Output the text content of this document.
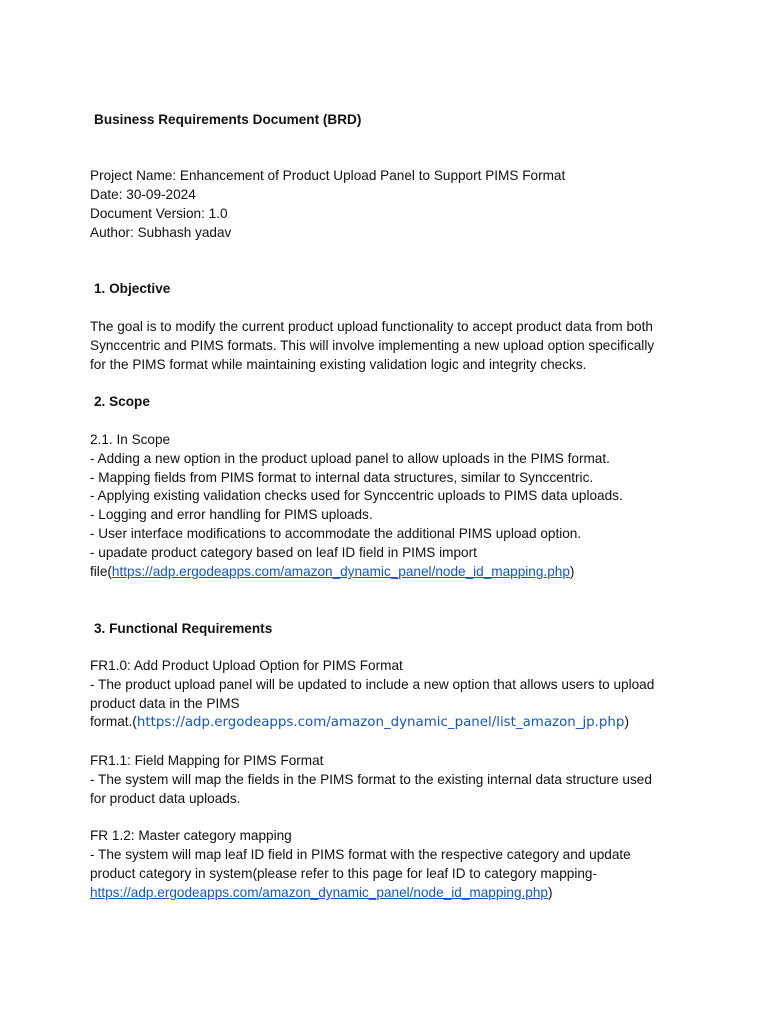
Business Requirements Document (BRD)

Project Name: Enhancement of Product Upload Panel to Support PIMS Format

Date: 30-09-2024

Document Version: 1.0

Author: Subhash yadav

1. Objective

The goal is to modify the current product upload functionality to accept product data from both

Synccentric and PIMS formats. This will involve implementing a new upload option specifically

for the PIMS format while maintaining existing validation logic and integrity checks.

2. Scope

2.1. In Scope

- Adding a new option in the product upload panel to allow uploads in the PIMS format.

- Mapping fields from PIMS format to internal data structures, similar to Synccentric.

- Applying existing validation checks used for Synccentric uploads to PIMS data uploads.

- Logging and error handling for PIMS uploads.

- User interface modifications to accommodate the additional PIMS upload option.

- upadate product category based on leaf ID field in PIMS import

file(https://adp.ergodeapps.com/amazon_dynamic_panel/node_id_mapping.php)

3. Functional Requirements

FR1.0: Add Product Upload Option for PIMS Format

- The product upload panel will be updated to include a new option that allows users to upload

product data in the PIMS

format.(https://adp.ergodeapps.com/amazon_dynamic_panel/list_amazon_jp.php)

FR1.1: Field Mapping for PIMS Format

- The system will map the fields in the PIMS format to the existing internal data structure used

for product data uploads.

FR 1.2: Master category mapping

- The system will map leaf ID field in PIMS format with the respective category and update

product category in system(please refer to this page for leaf ID to category mapping-

https://adp.ergodeapps.com/amazon_dynamic_panel/node_id_mapping.php)
